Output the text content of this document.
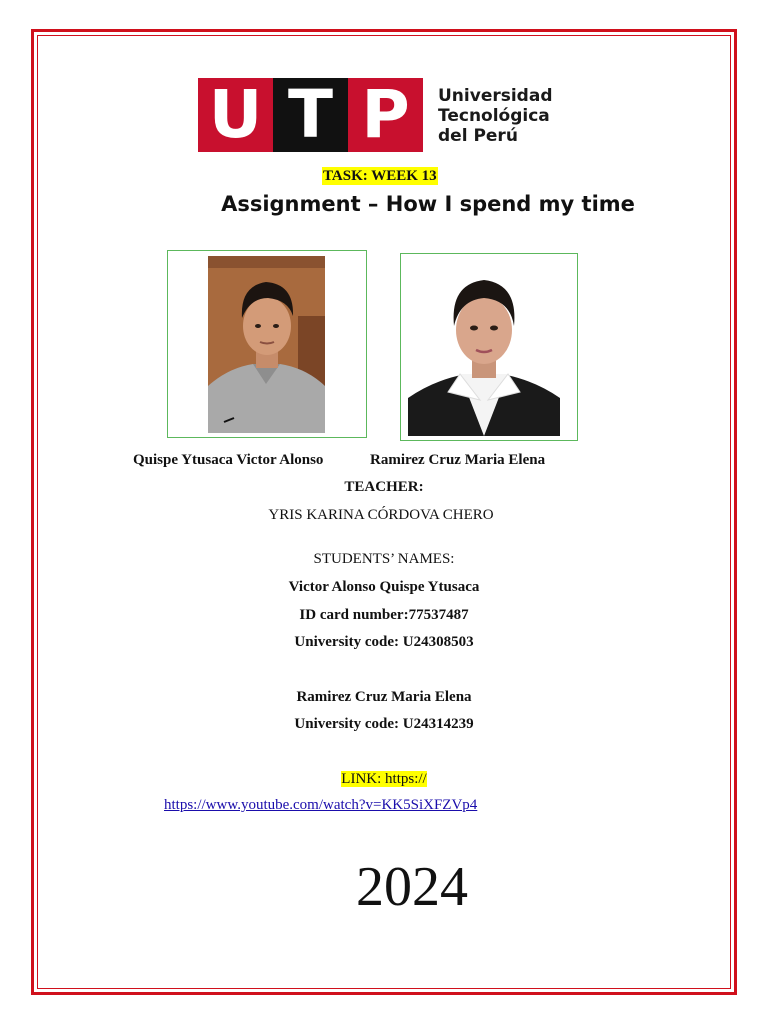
U T P	Universidad
Tecnológica
del Perú
TASK: WEEK 13
Assignment – How I spend my time
Quispe Ytusaca Victor Alonso	Ramirez Cruz Maria Elena
TEACHER:
YRIS KARINA CÓRDOVA CHERO
STUDENTS’ NAMES:
Victor Alonso Quispe Ytusaca
ID card number:77537487
University code: U24308503
Ramirez Cruz Maria Elena
University code: U24314239
LINK: https://
https://www.youtube.com/watch?v=KK5SiXFZVp4
2024
